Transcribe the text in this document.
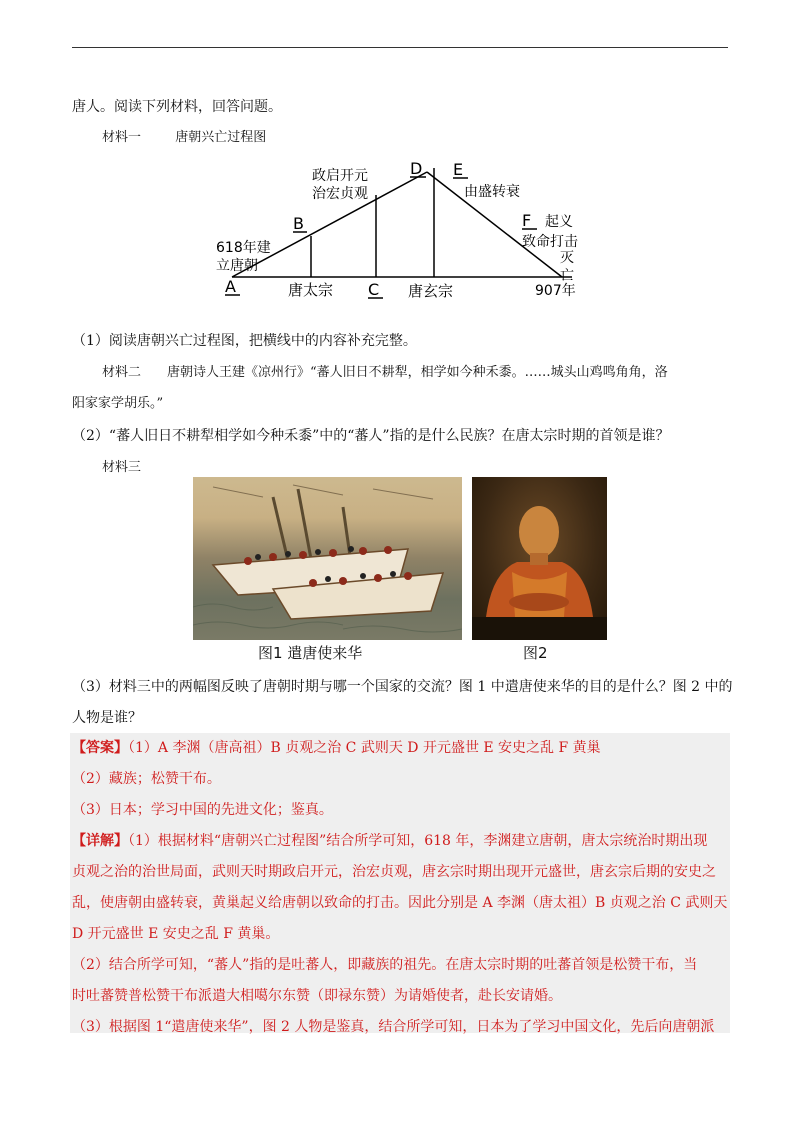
唐人。阅读下列材料，回答问题。
材料一	唐朝兴亡过程图
D E
B	F
A	C
政启开元
治宏贞观	由盛转衰
起义
致命打击
灭
亡
618年建
立唐朝
唐太宗	唐玄宗	907年
（1）阅读唐朝兴亡过程图，把横线中的内容补充完整。
材料二　　唐朝诗人王建《凉州行》“蕃人旧日不耕犁，相学如今种禾黍。……城头山鸡鸣角角，洛
阳家家学胡乐。”
（2）“蕃人旧日不耕犁相学如今种禾黍”中的“蕃人”指的是什么民族？在唐太宗时期的首领是谁？
材料三
图1 遣唐使来华	图2
（3）材料三中的两幅图反映了唐朝时期与哪一个国家的交流？图 1 中遣唐使来华的目的是什么？图 2 中的
人物是谁？
【答案】（1）A 李渊（唐高祖）B 贞观之治 C 武则天 D 开元盛世 E 安史之乱 F 黄巢
（2）藏族；松赞干布。
（3）日本；学习中国的先进文化；鉴真。
【详解】（1）根据材料“唐朝兴亡过程图”结合所学可知，618 年，李渊建立唐朝，唐太宗统治时期出现
贞观之治的治世局面，武则天时期政启开元，治宏贞观，唐玄宗时期出现开元盛世，唐玄宗后期的安史之
乱，使唐朝由盛转衰，黄巢起义给唐朝以致命的打击。因此分别是 A 李渊（唐太祖）B 贞观之治 C 武则天
D 开元盛世 E 安史之乱 F 黄巢。
（2）结合所学可知，“蕃人”指的是吐蕃人，即藏族的祖先。在唐太宗时期的吐蕃首领是松赞干布，当
时吐蕃赞普松赞干布派遣大相噶尔东赞（即禄东赞）为请婚使者，赴长安请婚。
（3）根据图 1“遣唐使来华”，图 2 人物是鉴真，结合所学可知，日本为了学习中国文化，先后向唐朝派
